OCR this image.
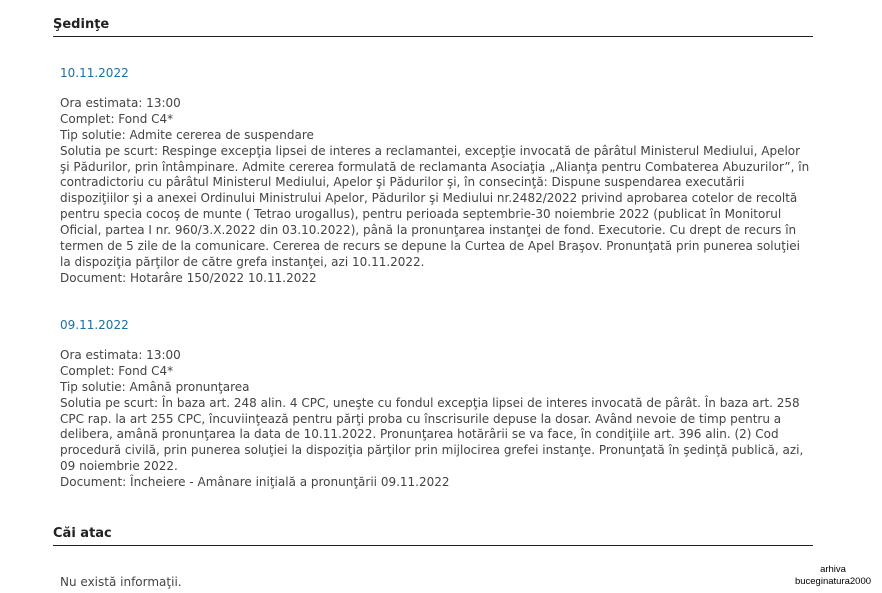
Şedinţe
10.11.2022
Ora estimata: 13:00
Complet: Fond C4*
Tip solutie: Admite cererea de suspendare
Solutia pe scurt: Respinge excepţia lipsei de interes a reclamantei, excepţie invocată de pârâtul Ministerul Mediului, Apelor şi Pădurilor, prin întâmpinare. Admite cererea formulată de reclamanta Asociaţia „Alianţa pentru Combaterea Abuzurilor”, în contradictoriu cu pârâtul Ministerul Mediului, Apelor şi Pădurilor şi, în consecinţă: Dispune suspendarea executării dispoziţiilor şi a anexei Ordinului Ministrului Apelor, Pădurilor şi Mediului nr.2482/2022 privind aprobarea cotelor de recoltă pentru specia cocoş de munte ( Tetrao urogallus), pentru perioada septembrie-30 noiembrie 2022 (publicat în Monitorul Oficial, partea I nr. 960/3.X.2022 din 03.10.2022), până la pronunţarea instanţei de fond. Executorie. Cu drept de recurs în termen de 5 zile de la comunicare. Cererea de recurs se depune la Curtea de Apel Braşov. Pronunţată prin punerea soluţiei la dispoziţia părţilor de către grefa instanţei, azi 10.11.2022.
Document: Hotarâre 150/2022 10.11.2022
09.11.2022
Ora estimata: 13:00
Complet: Fond C4*
Tip solutie: Amână pronunţarea
Solutia pe scurt: În baza art. 248 alin. 4 CPC, uneşte cu fondul excepţia lipsei de interes invocată de pârât. În baza art. 258 CPC rap. la art 255 CPC, încuviinţează pentru părţi proba cu înscrisurile depuse la dosar. Având nevoie de timp pentru a delibera, amână pronunţarea la data de 10.11.2022. Pronunţarea hotărârii se va face, în condiţiile art. 396 alin. (2) Cod procedură civilă, prin punerea soluţiei la dispoziţia părţilor prin mijlocirea grefei instanţe. Pronunţată în şedinţă publică, azi, 09 noiembrie 2022.
Document: Încheiere - Amânare iniţială a pronunţării 09.11.2022
Căi atac
Nu există informaţii.
arhiva
buceginatura2000
